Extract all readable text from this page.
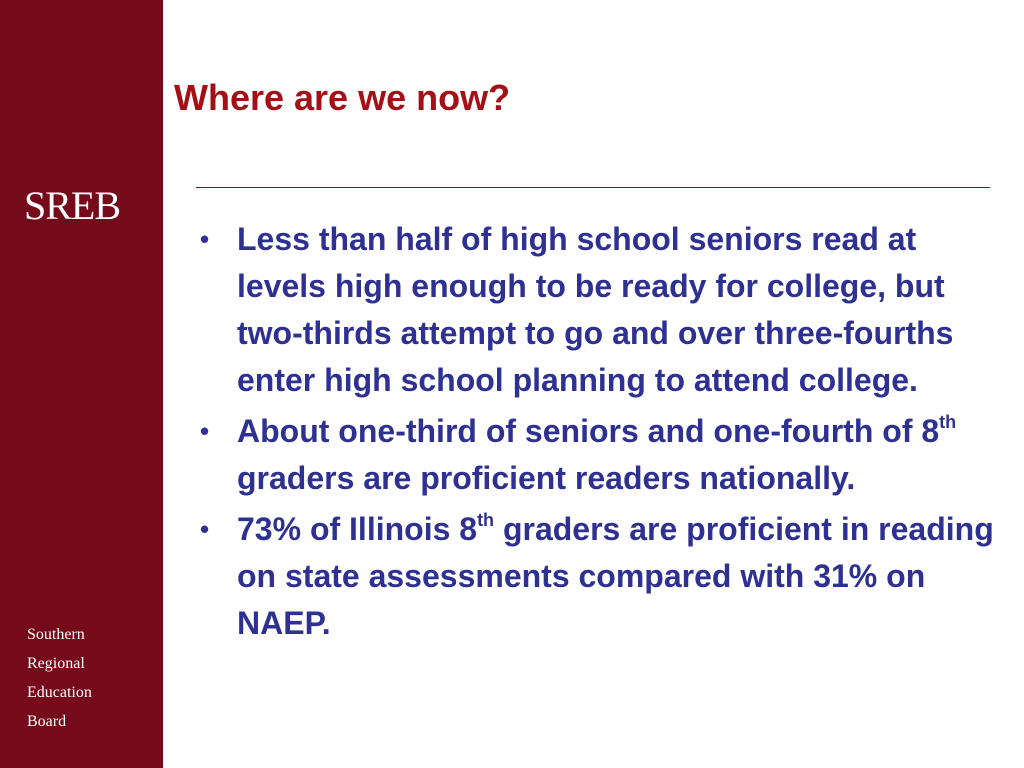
SREB
Southern
Regional
Education
Board
Where are we now?
• Less than half of high school seniors read at levels high enough to be ready for college, but two-thirds attempt to go and over three-fourths enter high school planning to attend college.
• About one-third of seniors and one-fourth of 8th graders are proficient readers nationally.
• 73% of Illinois 8th graders are proficient in reading on state assessments compared with 31% on NAEP.
